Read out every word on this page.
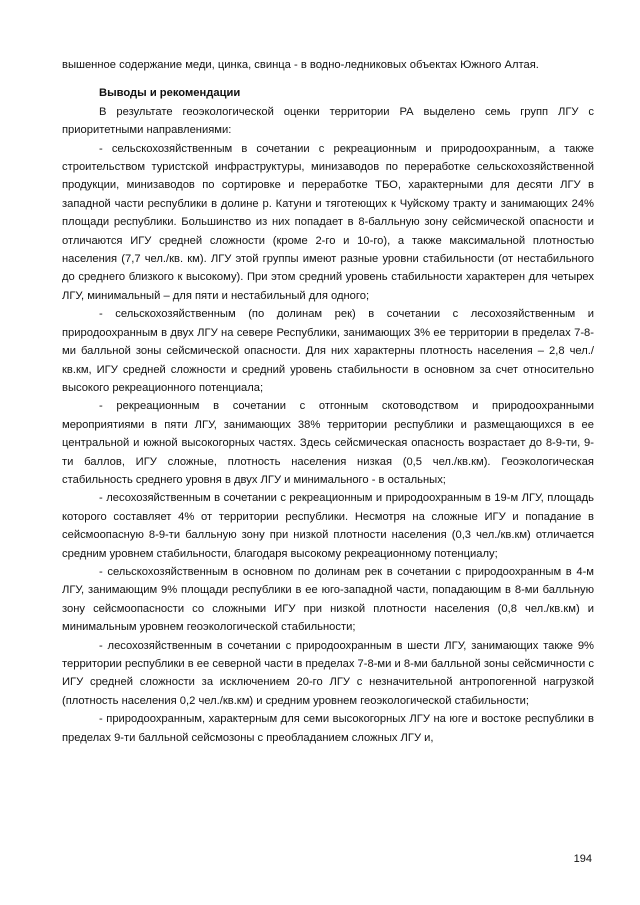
вышенное содержание меди, цинка, свинца - в водно-ледниковых объектах Южного Алтая.

Выводы и рекомендации

В результате геоэкологической оценки территории РА выделено семь групп ЛГУ с приоритетными направлениями:

- сельскохозяйственным в сочетании с рекреационным и природоохранным, а также строительством туристской инфраструктуры, минизаводов по переработке сельскохозяйственной продукции, минизаводов по сортировке и переработке ТБО, характерными для десяти ЛГУ в западной части республики в долине р. Катуни и тяготеющих к Чуйскому тракту и занимающих 24% площади республики. Большинство из них попадает в 8-балльную зону сейсмической опасности и отличаются ИГУ средней сложности (кроме 2-го и 10-го), а также максимальной плотностью населения (7,7 чел./кв. км). ЛГУ этой группы имеют разные уровни стабильности (от нестабильного до среднего близкого к высокому). При этом средний уровень стабильности характерен для четырех ЛГУ, минимальный – для пяти и нестабильный для одного;

- сельскохозяйственным (по долинам рек) в сочетании с лесохозяйственным и природоохранным в двух ЛГУ на севере Республики, занимающих 3% ее территории в пределах 7-8-ми балльной зоны сейсмической опасности. Для них характерны плотность населения – 2,8 чел./кв.км, ИГУ средней сложности и средний уровень стабильности в основном за счет относительно высокого рекреационного потенциала;

- рекреационным в сочетании с отгонным скотоводством и природоохранными мероприятиями в пяти ЛГУ, занимающих 38% территории республики и размещающихся в ее центральной и южной высокогорных частях. Здесь сейсмическая опасность возрастает до 8-9-ти, 9-ти баллов, ИГУ сложные, плотность населения низкая (0,5 чел./кв.км). Геоэкологическая стабильность среднего уровня в двух ЛГУ и минимального - в остальных;

- лесохозяйственным в сочетании с рекреационным и природоохранным в 19-м ЛГУ, площадь которого составляет 4% от территории республики. Несмотря на сложные ИГУ и попадание в сейсмоопасную 8-9-ти балльную зону при низкой плотности населения (0,3 чел./кв.км) отличается средним уровнем стабильности, благодаря высокому рекреационному потенциалу;

- сельскохозяйственным в основном по долинам рек в сочетании с природоохранным в 4-м ЛГУ, занимающим 9% площади республики в ее юго-западной части, попадающим в 8-ми балльную зону сейсмоопасности со сложными ИГУ при низкой плотности населения (0,8 чел./кв.км) и минимальным уровнем геоэкологической стабильности;

- лесохозяйственным в сочетании с природоохранным в шести ЛГУ, занимающих также 9% территории республики в ее северной части в пределах 7-8-ми и 8-ми балльной зоны сейсмичности с ИГУ средней сложности за исключением 20-го ЛГУ с незначительной антропогенной нагрузкой (плотность населения 0,2 чел./кв.км) и средним уровнем геоэкологической стабильности;

- природоохранным, характерным для семи высокогорных ЛГУ на юге и востоке республики в пределах 9-ти балльной сейсмозоны с преобладанием сложных ЛГУ и,

194
